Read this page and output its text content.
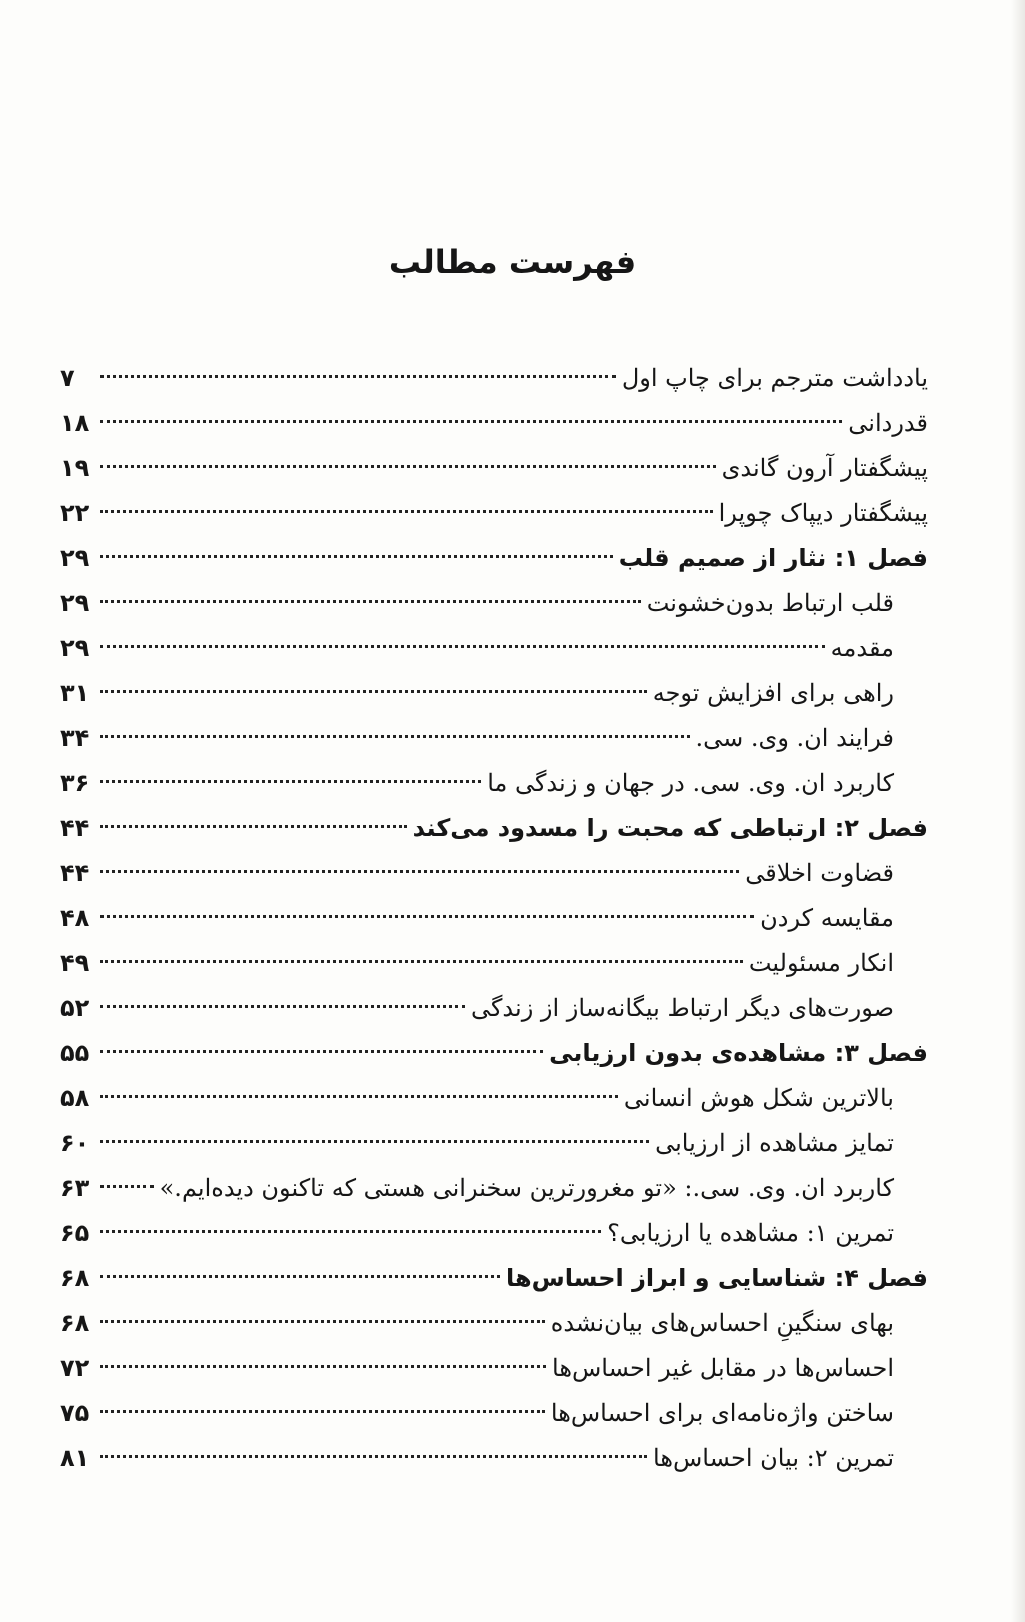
فهرست مطالب
یادداشت مترجم برای چاپ اول
۷
قدردانی
۱۸
پیشگفتار آرون گاندی
۱۹
پیشگفتار دیپاک چوپرا
۲۲
فصل ۱: نثار از صمیم قلب
۲۹
قلب ارتباط بدون‌خشونت
۲۹
مقدمه
۲۹
راهی برای افزایش توجه
۳۱
فرایند ان. وی. سی.
۳۴
کاربرد ان. وی. سی. در جهان و زندگی ما
۳۶
فصل ۲: ارتباطی که محبت را مسدود می‌کند
۴۴
قضاوت اخلاقی
۴۴
مقایسه کردن
۴۸
انکار مسئولیت
۴۹
صورت‌های دیگر ارتباط بیگانه‌ساز از زندگی
۵۲
فصل ۳: مشاهده‌ی بدون ارزیابی
۵۵
بالاترین شکل هوش انسانی
۵۸
تمایز مشاهده از ارزیابی
۶۰
کاربرد ان. وی. سی.: «تو مغرورترین سخنرانی هستی که تاکنون دیده‌ایم.»
۶۳
تمرین ۱: مشاهده یا ارزیابی؟
۶۵
فصل ۴: شناسایی و ابراز احساس‌ها
۶۸
بهای سنگینِ احساس‌های بیان‌نشده
۶۸
احساس‌ها در مقابل غیر احساس‌ها
۷۲
ساختن واژه‌نامه‌ای برای احساس‌ها
۷۵
تمرین ۲: بیان احساس‌ها
۸۱
